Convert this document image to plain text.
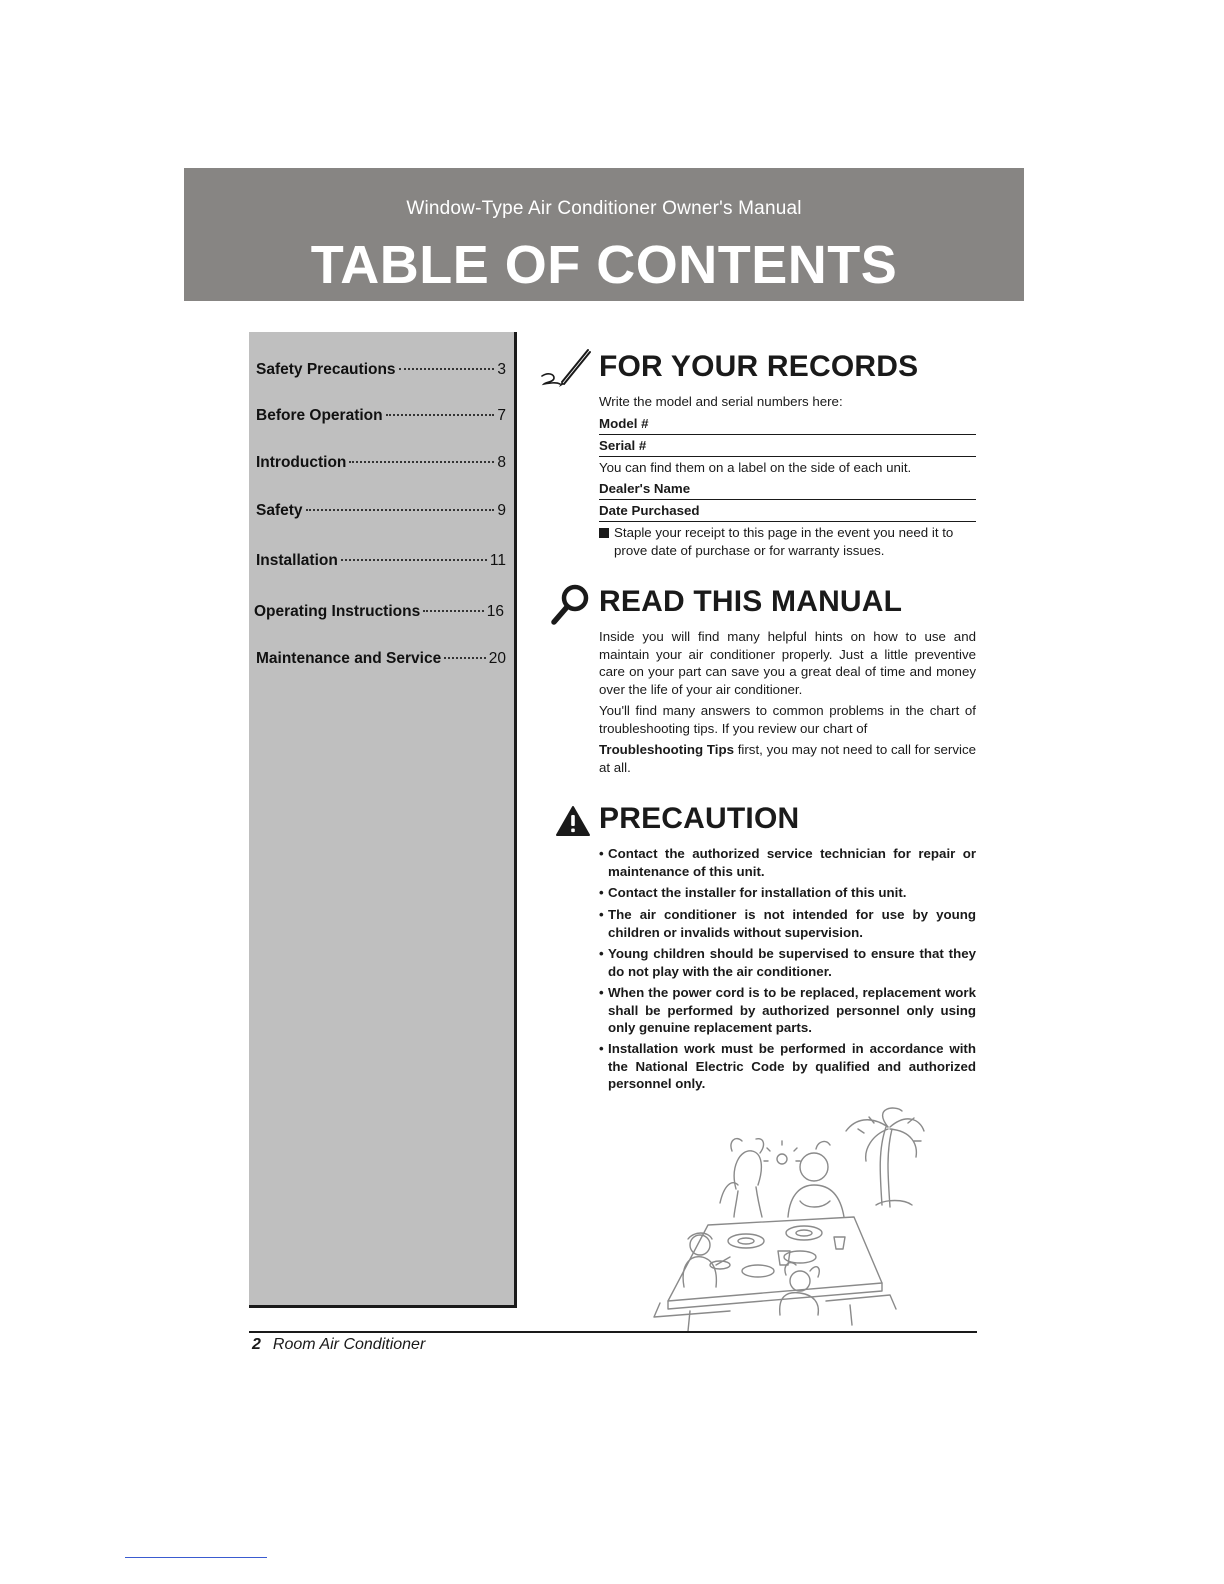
Window-Type Air Conditioner Owner's Manual
TABLE OF CONTENTS
Safety Precautions	3
Before Operation	7
Introduction	8
Safety	9
Installation	11
Operating Instructions	16
Maintenance and Service	20
FOR YOUR RECORDS
Write the model and serial numbers here:
Model #
Serial #
You can find them on a label on the side of each unit.
Dealer's Name
Date Purchased
Staple your receipt to this page in the event you need it to prove date of purchase or for warranty issues.
READ THIS MANUAL
Inside you will find many helpful hints on how to use and maintain your air conditioner properly. Just a little preventive care on your part can save you a great deal of time and money over the life of your air conditioner.
You'll find many answers to common problems in the chart of troubleshooting tips. If you review our chart of
Troubleshooting Tips first, you may not need to call for service at all.
PRECAUTION
• Contact the authorized service technician for repair or maintenance of this unit.
• Contact the installer for installation of this unit.
• The air conditioner is not intended for use by young children or invalids without supervision.
• Young children should be supervised to ensure that they do not play with the air conditioner.
• When the power cord is to be replaced, replacement work shall be performed by authorized personnel only using only genuine replacement parts.
• Installation work must be performed in accordance with the National Electric Code by qualified and authorized personnel only.
2 Room Air Conditioner
